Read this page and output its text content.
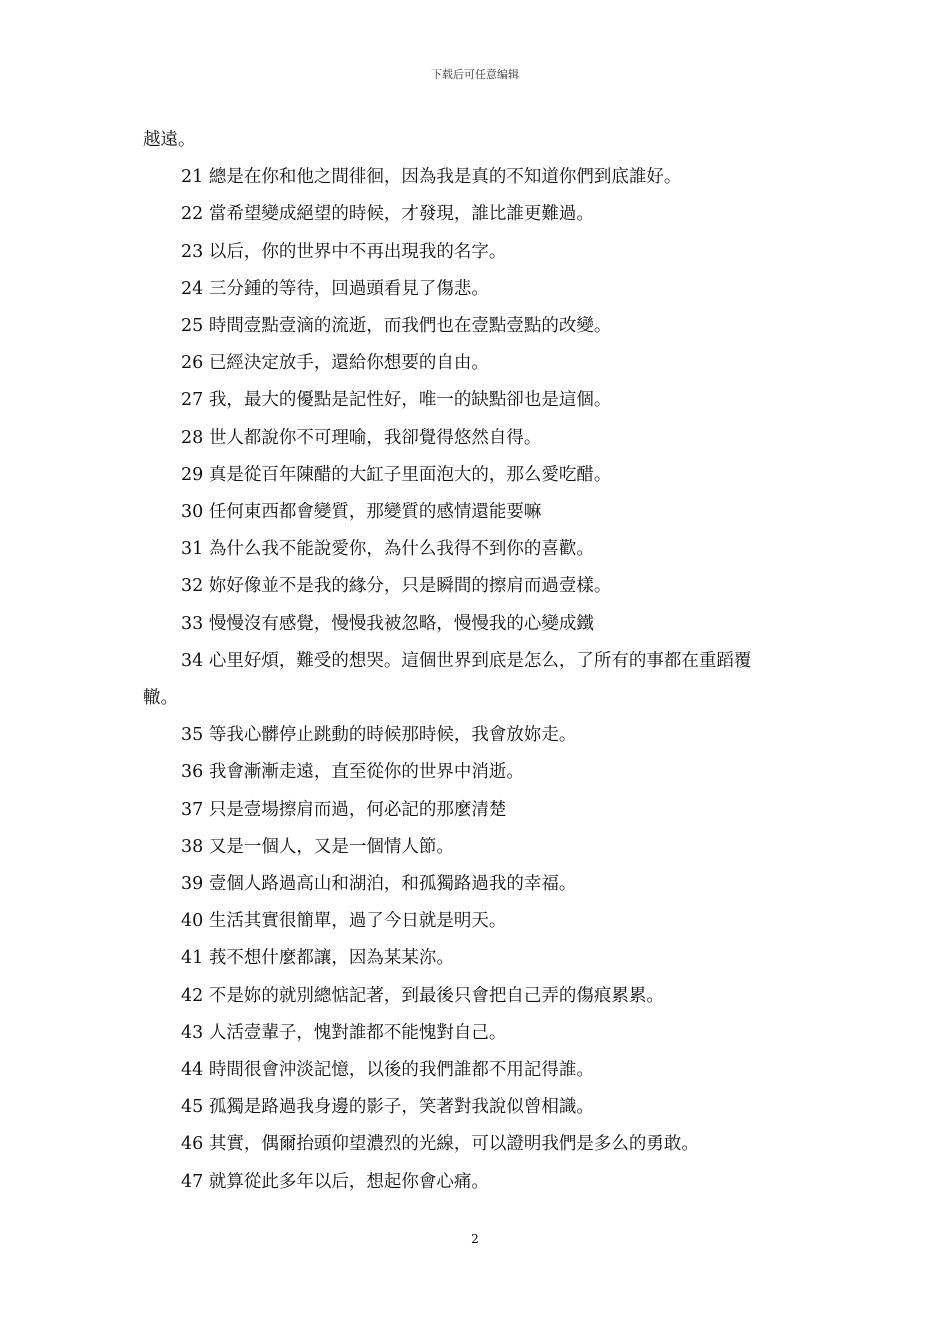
下载后可任意编辑

越遠。

21 總是在你和他之間徘徊，因為我是真的不知道你們到底誰好。

22 當希望變成絕望的時候，才發現，誰比誰更難過。

23 以后，你的世界中不再出現我的名字。

24 三分鍾的等待，回過頭看見了傷悲。

25 時間壹點壹滴的流逝，而我們也在壹點壹點的改變。

26 已經決定放手，還給你想要的自由。

27 我，最大的優點是記性好，唯一的缺點卻也是這個。

28 世人都說你不可理喻，我卻覺得悠然自得。

29 真是從百年陳醋的大缸子里面泡大的，那么愛吃醋。

30 任何東西都會變質，那變質的感情還能要嘛

31 為什么我不能說愛你，為什么我得不到你的喜歡。

32 妳好像並不是我的緣分，只是瞬間的擦肩而過壹樣。

33 慢慢沒有感覺，慢慢我被忽略，慢慢我的心變成鐵

34 心里好煩，難受的想哭。這個世界到底是怎么，了所有的事都在重蹈覆

轍。

35 等我心髒停止跳動的時候那時候，我會放妳走。

36 我會漸漸走遠，直至從你的世界中消逝。

37 只是壹場擦肩而過，何必記的那麼清楚

38 又是一個人，又是一個情人節。

39 壹個人路過高山和湖泊，和孤獨路過我的幸福。

40 生活其實很簡單，過了今日就是明天。

41 莪不想什麼都讓，因為某某沵。

42 不是妳的就別總惦記著，到最後只會把自己弄的傷痕累累。

43 人活壹輩子，愧對誰都不能愧對自己。

44 時間很會沖淡記憶，以後的我們誰都不用記得誰。

45 孤獨是路過我身邊的影子，笑著對我說似曾相識。

46 其實，偶爾抬頭仰望濃烈的光線，可以證明我們是多么的勇敢。

47 就算從此多年以后，想起你會心痛。

2
